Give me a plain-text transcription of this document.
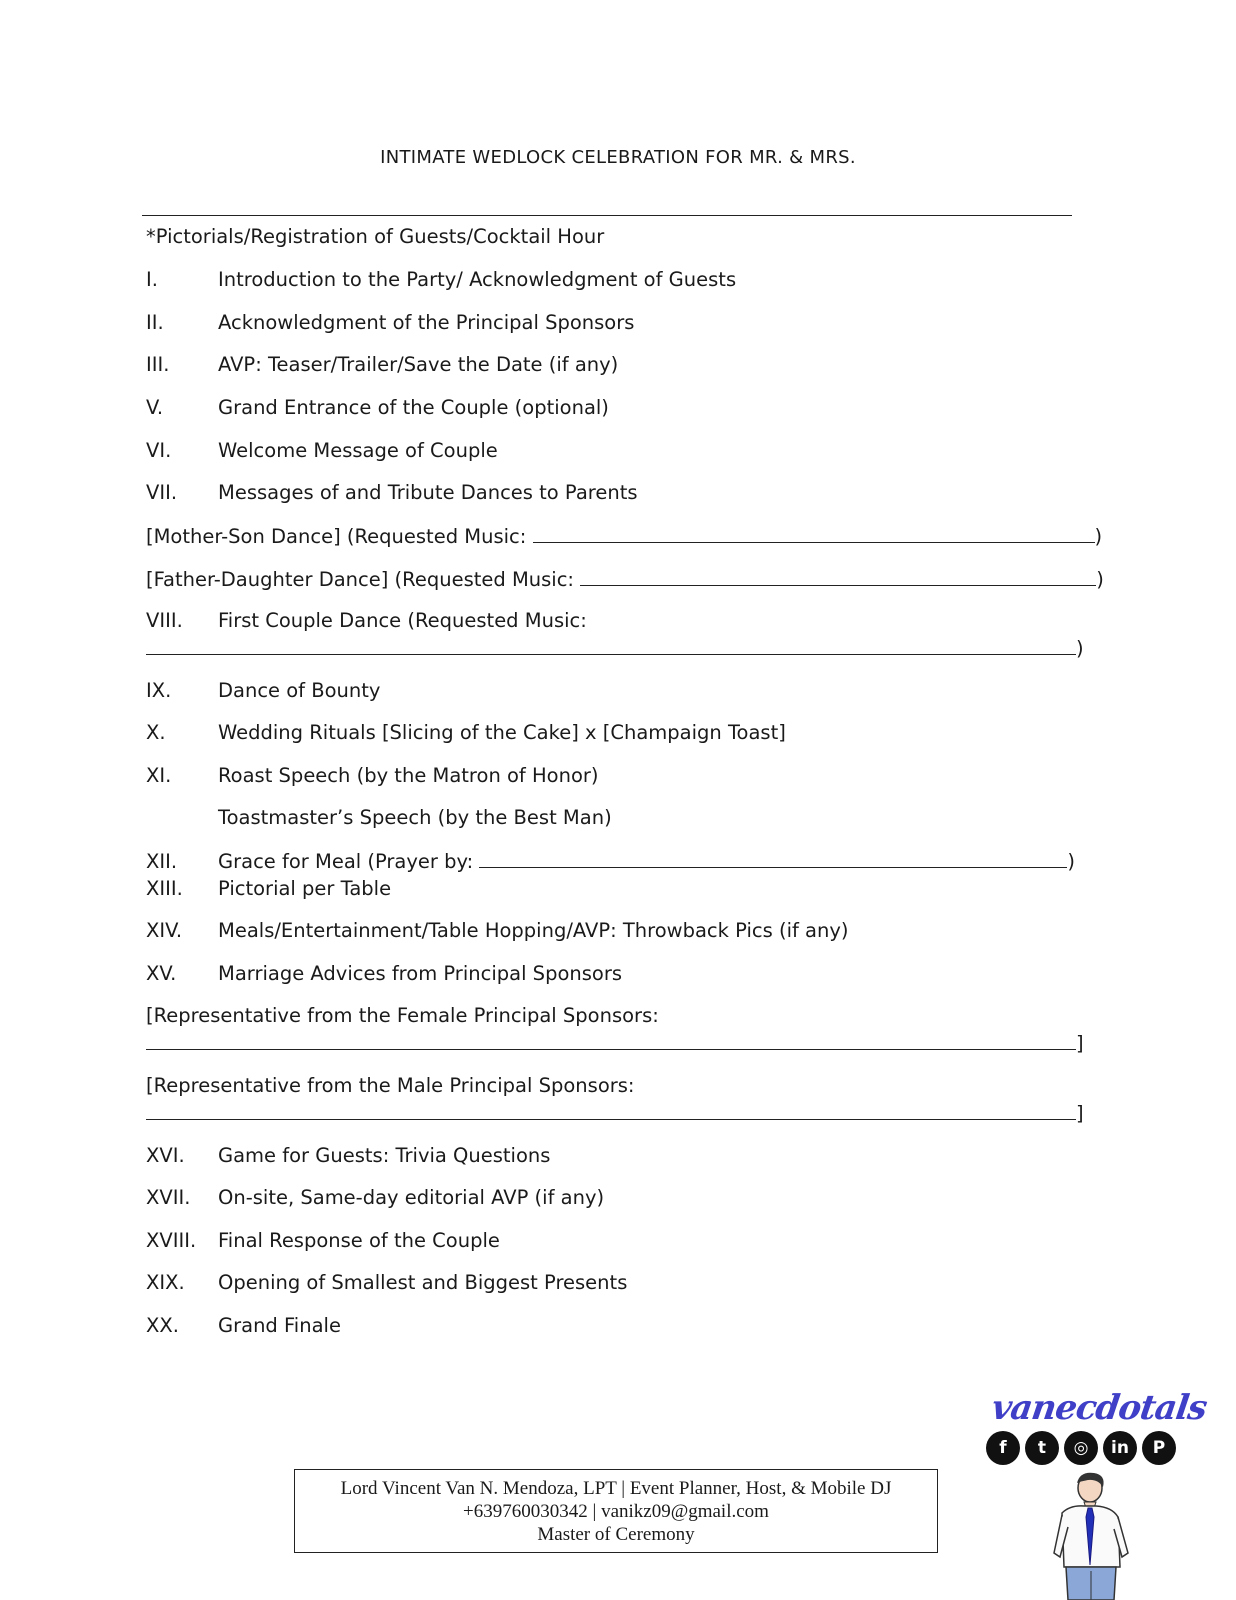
INTIMATE WEDLOCK CELEBRATION FOR MR. & MRS.
*Pictorials/Registration of Guests/Cocktail Hour
I.	Introduction to the Party/ Acknowledgment of Guests
II.	Acknowledgment of the Principal Sponsors
III. AVP: Teaser/Trailer/Save the Date (if any)
V.	Grand Entrance of the Couple (optional)
VI. Welcome Message of Couple
VII. Messages of and Tribute Dances to Parents
[Mother-Son Dance] (Requested Music:	)
[Father-Daughter Dance] (Requested Music:	)
VIII. First Couple Dance (Requested Music:
)
IX. Dance of Bounty
X.	Wedding Rituals [Slicing of the Cake] x [Champaign Toast]
XI. Roast Speech (by the Matron of Honor)
Toastmaster’s Speech (by the Best Man)
XII. Grace for Meal (Prayer by:	)
XIII. Pictorial per Table
XIV. Meals/Entertainment/Table Hopping/AVP: Throwback Pics (if any)
XV. Marriage Advices from Principal Sponsors
[Representative from the Female Principal Sponsors:
]
[Representative from the Male Principal Sponsors:
]
XVI. Game for Guests: Trivia Questions
XVII. On-site, Same-day editorial AVP (if any)
XVIII. Final Response of the Couple
XIX. Opening of Smallest and Biggest Presents
XX. Grand Finale
vanecdotals
f	t	◎	in	P
Lord Vincent Van N. Mendoza, LPT | Event Planner, Host, & Mobile DJ
+639760030342 | vanikz09@gmail.com
Master of Ceremony
